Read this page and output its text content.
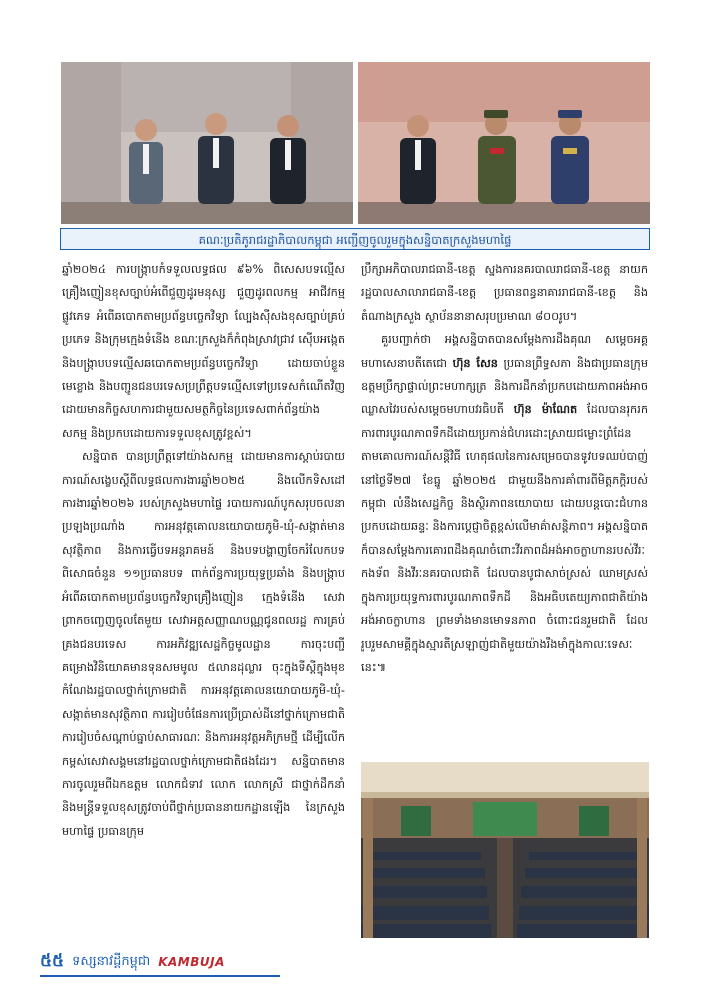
គណៈប្រតិភូរាជរដ្ឋាភិបាលកម្ពុជា អញ្ជើញចូលរួមក្នុងសន្និបាតក្រសួងមហាផ្ទៃ

ឆ្នាំ២០២៤ ការបង្ក្រាបកំទទួលលទ្ធផល ៩៦% ពិសេសបទល្មើសគ្រឿងញៀនខុសច្បាប់អំពើជួញដូរមនុស្ស ជួញដូរពលកម្ម អាជីវកម្មផ្លូវភេទ អំពើឆបោកតាមប្រព័ន្ធបច្ចេកវិទ្យា ល្បែងស៊ីសងខុសច្បាប់គ្រប់ប្រភេទ និងក្រុមក្មេងទំនើង ខណៈក្រសួងក៏កំពុងស្រាវជ្រាវ ស៊ើបអង្កេត និងបង្ក្រាបបទល្មើសឆបោកតាមប្រព័ន្ធបច្ចេកវិទ្យា ដោយចាប់ខ្លួនមេខ្លោង និងបញ្ជូនជនបរទេសប្រព្រឹត្តបទល្មើសទៅប្រទេសកំណើតវិញ ដោយមានកិច្ចសហការជាមួយសមត្ថកិច្ចនៃប្រទេសពាក់ព័ន្ធយ៉ាងសកម្ម និងប្រកបដោយការទទួលខុសត្រូវខ្ពស់។

សន្និបាត បានប្រព្រឹត្តទៅយ៉ាងសកម្ម ដោយមានការស្តាប់របាយការណ៍សង្ខេបស្តីពីលទ្ធផលការងារឆ្នាំ២០២៥ និងលើកទិសដៅការងារឆ្នាំ២០២៦ របស់ក្រសួងមហាផ្ទៃ របាយការណ៍បូកសរុបចលនាប្រឡងប្រណាំង ការអនុវត្តគោលនយោបាយភូមិ-ឃុំ-សង្កាត់មានសុវត្ថិភាព និងការធ្វើបទអន្តរាគមន៍ និងបទបង្ហាញចែករំលែកបទពិសោធចំនួន ១១ប្រធានបទ ពាក់ព័ន្ធការប្រយុទ្ធប្រឆាំង និងបង្ក្រាបអំពើឆបោកតាមប្រព័ន្ធបច្ចេកវិទ្យាគ្រឿងញៀន ក្មេងទំនើង សេវាព្រាកចញ្ចេញចូលតែមួយ សេវាអត្តសញ្ញាណបណ្ណជូនពលរដ្ឋ ការគ្រប់គ្រងជនបរទេស ការអភិវឌ្ឍសេដ្ឋកិច្ចមូលដ្ឋាន ការចុះបញ្ជីគម្រោងវិនិយោគមានទុនសមមូល ៥លានដុល្លារ ចុះក្នុងទីស្តីក្នុងមុខកំណែងរដ្ឋបាលថ្នាក់ក្រោមជាតិ ការអនុវត្តគោលនយោបាយភូមិ-ឃុំ-សង្កាត់មានសុវត្ថិភាព ការរៀបចំផែនការប្រើប្រាស់ដីនៅថ្នាក់ក្រោមជាតិ ការរៀបចំសណ្តាប់ធ្នាប់សាធារណៈ និងការអនុវត្តអភិក្រមថ្មី ដើម្បីលើកកម្ពស់សេវាសង្គមនៅរដ្ឋបាលថ្នាក់ក្រោមជាតិផងដែរ។ សន្និបាតមានការចូលរួមពីឯកឧត្តម លោកជំទាវ លោក លោកស្រី ជាថ្នាក់ដឹកនាំ និងមន្ត្រីទទួលខុសត្រូវចាប់ពីថ្នាក់ប្រធាននាយកដ្ឋានឡើង នៃក្រសួងមហាផ្ទៃ ប្រធានក្រុម

ប្រឹក្សាអភិបាលរាជធានី-ខេត្ត ស្នងការនគរបាលរាជធានី-ខេត្ត នាយករដ្ឋបាលសាលារាជធានី-ខេត្ត ប្រធានពន្ធនាគាររាជធានី-ខេត្ត និងតំណាងក្រសួង ស្ថាប័ននានាសរុបប្រមាណ ៨០០រូប។

គួរបញ្ជាក់ថា អង្គសន្និបាតបានសម្តែងការដឹងគុណ សម្តេចអគ្គមហាសេនាបតីតេជោ ហ៊ុន សែន ប្រធានព្រឹទ្ធសភា និងជាប្រធានក្រុមឧត្តមប្រឹក្សាផ្ទាល់ព្រះមហាក្សត្រ និងការដឹកនាំប្រកបដោយភាពអង់អាចឈ្លាសវៃរបស់សម្តេចមហាបវរធិបតី ហ៊ុន ម៉ាណែត ដែលបានរុករក ការពារបូរណភាពទឹកដីដោយប្រកាន់ជំហរដោះស្រាយជម្លោះព្រំដែនតាមគោលការណ៍សន្តិវិធី ហេតុផលនៃការសម្រេចបានទូវបទឈប់បាញ់នៅថ្ងៃទី២៧ ខែធ្នូ ឆ្នាំ២០២៥ ជាមួយនឹងការគាំពារពីមិត្តភក្តិរបស់កម្ពុជា លំនឹងសេដ្ឋកិច្ច និងស្ថិរភាពនយោបាយ ដោយបន្តបោះជំហានប្រកបដោយឆន្ទៈ និងការប្តេជ្ញាចិត្តខ្ពស់លើមាគ៌ាសន្តិភាព។ អង្គសន្និបាតក៏បានសម្តែងការគោរពដឹងគុណចំពោះវីរភាពដ៏អង់អាចក្លាហានរបស់វីរៈកងទ័ព និងវីរៈនគរបាលជាតិ ដែលបានបូជាសាច់ស្រស់ ឈាមស្រស់ ក្នុងការប្រយុទ្ធការពារបូរណភាពទឹកដី និងអធិបតេយ្យភាពជាតិយ៉ាងអង់អាចក្លាហាន ព្រមទាំងមានមោទនភាព ចំពោះជនរួមជាតិ ដែលរួបរួមសាមគ្គីក្នុងស្មារតីស្រឡាញ់ជាតិមួយយ៉ាងរឹងមាំក្នុងកាលៈទេសៈនេះ៕

៥៥ ទស្សនាវដ្តីកម្ពុជា KAMBUJA
